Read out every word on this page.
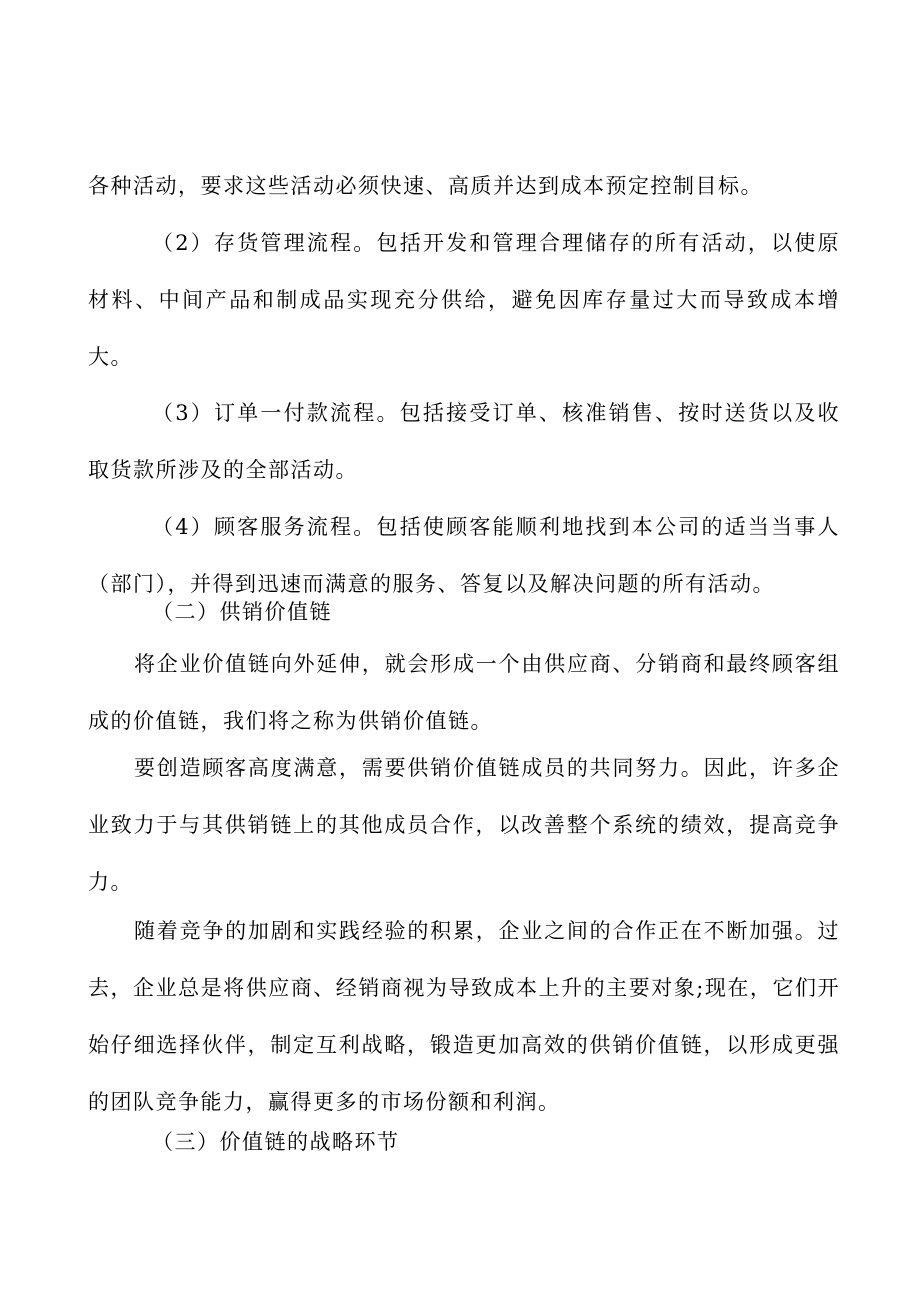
各种活动，要求这些活动必须快速、高质并达到成本预定控制目标。

（2）存货管理流程。包括开发和管理合理储存的所有活动，以使原材料、中间产品和制成品实现充分供给，避免因库存量过大而导致成本增大。

（3）订单一付款流程。包括接受订单、核准销售、按时送货以及收取货款所涉及的全部活动。

（4）顾客服务流程。包括使顾客能顺利地找到本公司的适当当事人（部门），并得到迅速而满意的服务、答复以及解决问题的所有活动。

（二）供销价值链

将企业价值链向外延伸，就会形成一个由供应商、分销商和最终顾客组成的价值链，我们将之称为供销价值链。

要创造顾客高度满意，需要供销价值链成员的共同努力。因此，许多企业致力于与其供销链上的其他成员合作，以改善整个系统的绩效，提高竞争力。

随着竞争的加剧和实践经验的积累，企业之间的合作正在不断加强。过去，企业总是将供应商、经销商视为导致成本上升的主要对象;现在，它们开始仔细选择伙伴，制定互利战略，锻造更加高效的供销价值链，以形成更强的团队竞争能力，赢得更多的市场份额和利润。

（三）价值链的战略环节
